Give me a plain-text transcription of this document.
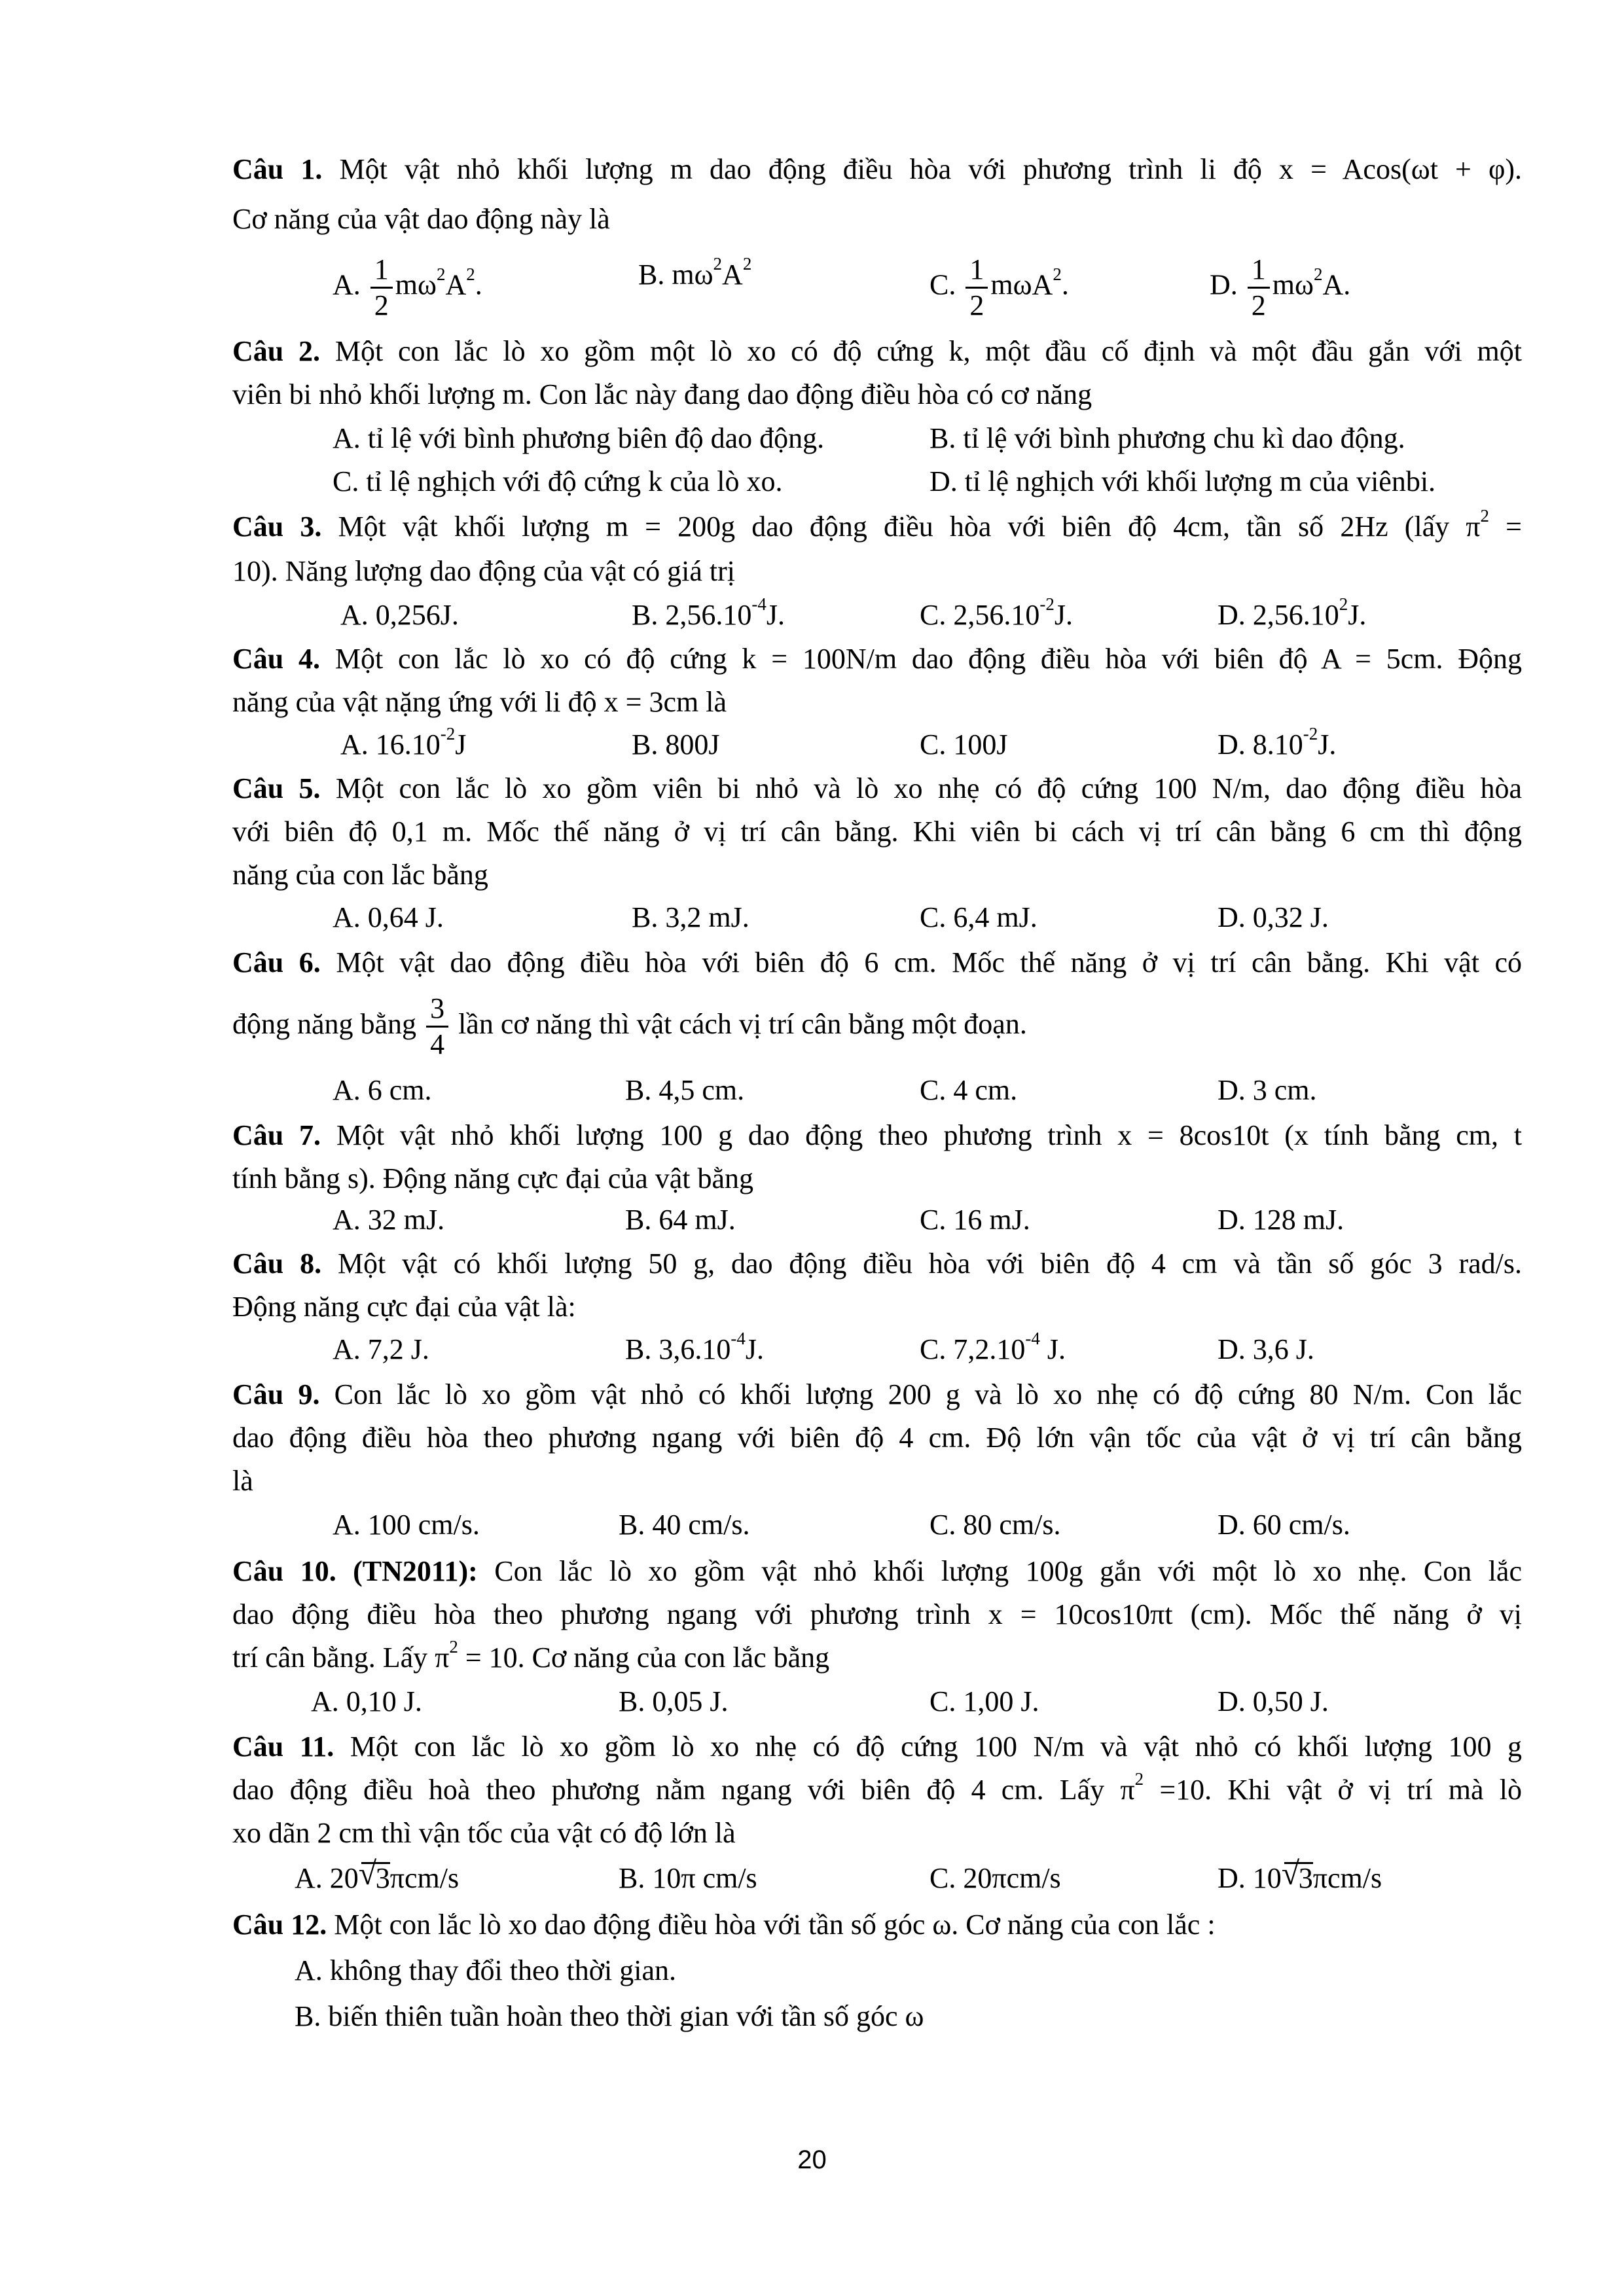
Câu 1. Một vật nhỏ khối lượng m dao động điều hòa với phương trình li độ x = Acos(ωt + φ).
Cơ năng của vật dao động này là
A. $\frac{1}{2} m\omega^2A^2$.	B. $m\omega^2A^2$
C. $\frac{1}{2} m\omega A^2$.	D. $\frac{1}{2} m\omega^2A$.
Câu 2. Một con lắc lò xo gồm một lò xo có độ cứng k, một đầu cố định và một đầu gắn với một
viên bi nhỏ khối lượng m. Con lắc này đang dao động điều hòa có cơ năng
A. tỉ lệ với bình phương biên độ dao động.	B. tỉ lệ với bình phương chu kì dao động.
C. tỉ lệ nghịch với độ cứng k của lò xo.	D. tỉ lệ nghịch với khối lượng m của viênbi.
Câu 3. Một vật khối lượng m = 200g dao động điều hòa với biên độ 4cm, tần số 2Hz (lấy $\pi^2$ =
10). Năng lượng dao động của vật có giá trị
A. 0,256J.	B. $2,56.10^{-4}J$.	C. $2,56.10^{-2}J$.	D. 2,56.10$^2$J.
Câu 4. Một con lắc lò xo có độ cứng k = 100N/m dao động điều hòa với biên độ A = 5cm. Động
năng của vật nặng ứng với li độ x = 3cm là
A. $16.10^{-2}J$	B. 800J	C. 100J	D. $8.10^{-2}J$.
Câu 5. Một con lắc lò xo gồm viên bi nhỏ và lò xo nhẹ có độ cứng 100 N/m, dao động điều hòa
với biên độ 0,1 m. Mốc thế năng ở vị trí cân bằng. Khi viên bi cách vị trí cân bằng 6 cm thì động
năng của con lắc bằng
A. 0,64 J.	B. 3,2 mJ.	C. 6,4 mJ.	D. 0,32 J.
Câu 6. Một vật dao động điều hòa với biên độ 6 cm. Mốc thế năng ở vị trí cân bằng. Khi vật có
động năng bằng $\frac{3}{4}$ lần cơ năng thì vật cách vị trí cân bằng một đoạn.
A. 6 cm.	B. 4,5 cm.	C. 4 cm.	D. 3 cm.
Câu 7. Một vật nhỏ khối lượng 100 g dao động theo phương trình x = 8cos10t (x tính bằng cm, t
tính bằng s). Động năng cực đại của vật bằng
A. 32 mJ.	B. 64 mJ.	C. 16 mJ.	D. 128 mJ.
Câu 8. Một vật có khối lượng 50 g, dao động điều hòa với biên độ 4 cm và tần số góc 3 rad/s.
Động năng cực đại của vật là:
A. 7,2 J.	B. $3,6.10^{-4}J$.	C. $7,2.10^{-4}$ J.	D. 3,6 J.
Câu 9. Con lắc lò xo gồm vật nhỏ có khối lượng 200 g và lò xo nhẹ có độ cứng 80 N/m. Con lắc
dao động điều hòa theo phương ngang với biên độ 4 cm. Độ lớn vận tốc của vật ở vị trí cân bằng
là
A. 100 cm/s.	B. 40 cm/s.	C. 80 cm/s.	D. 60 cm/s.
Câu 10. (TN2011): Con lắc lò xo gồm vật nhỏ khối lượng 100g gắn với một lò xo nhẹ. Con lắc
dao động điều hòa theo phương ngang với phương trình x = 10cos10πt (cm). Mốc thế năng ở vị
trí cân bằng. Lấy $\pi^2 = 10$. Cơ năng của con lắc bằng
A. 0,10 J.	B. 0,05 J.	C. 1,00 J.	D. 0,50 J.
Câu 11. Một con lắc lò xo gồm lò xo nhẹ có độ cứng 100 N/m và vật nhỏ có khối lượng 100 g
dao động điều hoà theo phương nằm ngang với biên độ 4 cm. Lấy $\pi^2 =10$. Khi vật ở vị trí mà lò
xo dãn 2 cm thì vận tốc của vật có độ lớn là
A. 20 √ 3πcm/s	B. 10π cm/s	C. 20πcm/s	D. 10 √ 3πcm/s
Câu 12. Một con lắc lò xo dao động điều hòa với tần số góc ω. Cơ năng của con lắc :
A. không thay đổi theo thời gian.
B. biến thiên tuần hoàn theo thời gian với tần số góc ω
20
